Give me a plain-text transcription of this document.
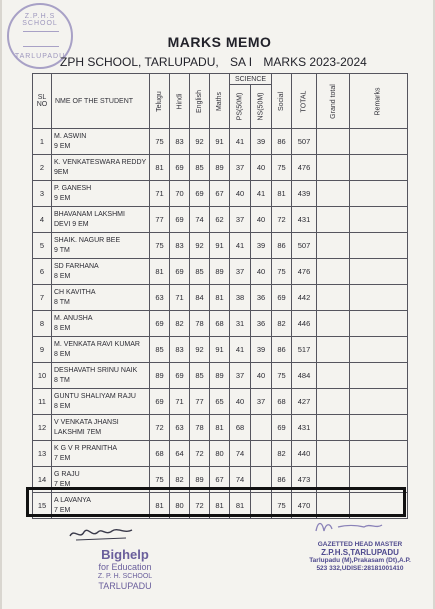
Z.P.H.S SCHOOL
TARLUPADU
MARKS MEMO
ZPH SCHOOL, TARLUPADU, SA I MARKS 2023-2024
SL NO	NME OF THE STUDENT	Telugu	Hindi	English	Maths	SCIENCE		Social	TOTAL	Grand total	Remarks

						PS(50M)	NS(50M)				

1	M. ASWIN
9 EM	75	83	92	91	41	39	86	507		
2	K. VENKATESWARA REDDY
9EM	81	69	85	89	37	40	75	476		
3	P. GANESH
9 EM	71	70	69	67	40	41	81	439		
4	BHAVANAM LAKSHMI
DEVI 9 EM	77	69	74	62	37	40	72	431		
5	SHAIK. NAGUR BEE
9 TM	75	83	92	91	41	39	86	507		
6	SD FARHANA
8 EM	81	69	85	89	37	40	75	476		
7	CH KAVITHA
8 TM	63	71	84	81	38	36	69	442		
8	M. ANUSHA
8 EM	69	82	78	68	31	36	82	446		
9	M. VENKATA RAVI KUMAR
8 EM	85	83	92	91	41	39	86	517		
10	DESHAVATH SRINU NAIK
8 TM	89	69	85	89	37	40	75	484		
11	GUNTU SHALIYAM RAJU
8 EM	69	71	77	65	40	37	68	427		
12	V VENKATA JHANSI
LAKSHMI 7EM	72	63	78	81	68		69	431		
13	K G V R PRANITHA
7 EM	68	64	72	80	74		82	440		
14	G RAJU
7 EM	75	82	89	67	74		86	473		
15	A LAVANYA
7 EM	81	80	72	81	81		75	470		
Bighelp
for Education
Z. P. H. SCHOOL
TARLUPADU
GAZETTED HEAD MASTER
Z.P.H.S,TARLUPADU
Tarlupadu (M),Prakasam (Dt),A.P.
523 332,UDISE:28181001410
